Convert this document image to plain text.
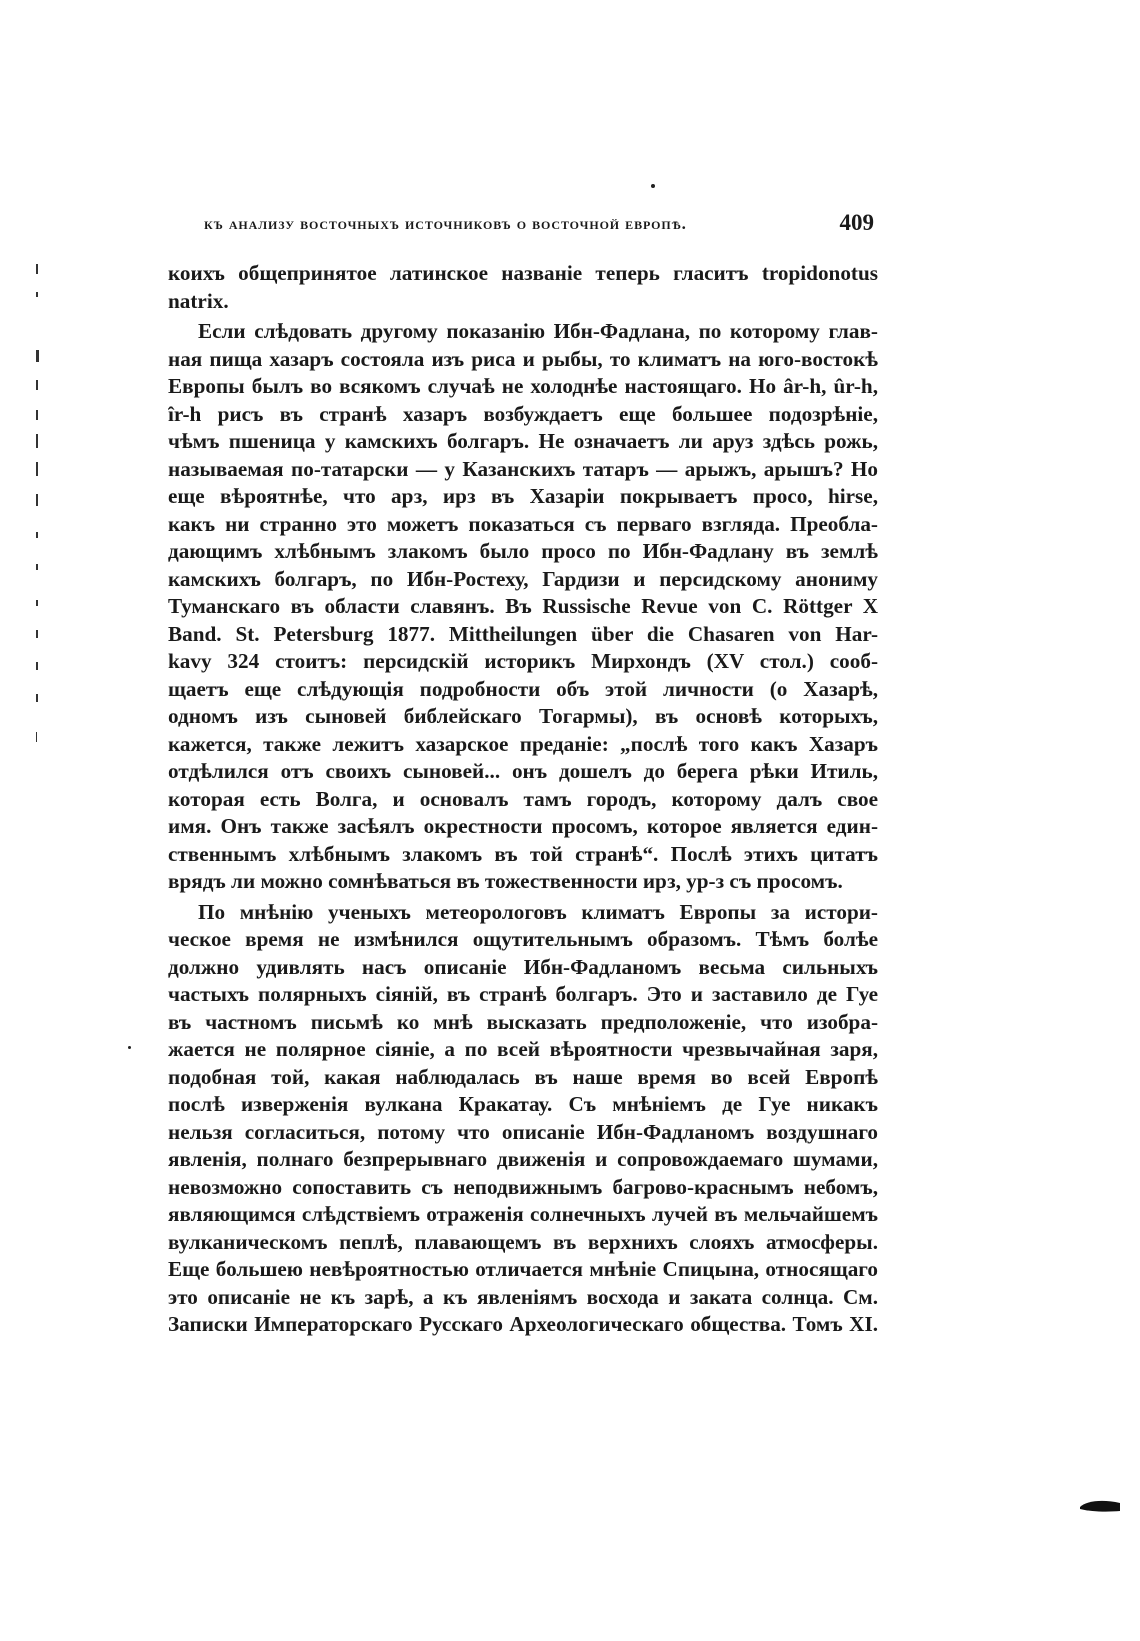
къ анализу восточныхъ источниковъ о восточной европѣ.	409
коихъ общепринятое латинское названіе теперь гласитъ tropidonotus
natrix.
Если слѣдовать другому показанію Ибн-Фадлана, по которому глав-
ная пища хазаръ состояла изъ риса и рыбы, то климатъ на юго-востокѣ
Европы былъ во всякомъ случаѣ не холоднѣе настоящаго. Но âr-h, ûr-h,
îr-h рисъ въ странѣ хазаръ возбуждаетъ еще большее подозрѣніе,
чѣмъ пшеница у камскихъ болгаръ. Не означаетъ ли аруз здѣсь рожь,
называемая по-татарски — у Казанскихъ татаръ — арыжъ, арышъ? Но
еще вѣроятнѣе, что арз, ирз въ Хазаріи покрываетъ просо, hirse,
какъ ни странно это можетъ показаться съ перваго взгляда. Преобла-
дающимъ хлѣбнымъ злакомъ было просо по Ибн-Фадлану въ землѣ
камскихъ болгаръ, по Ибн-Ростеху, Гардизи и персидскому анониму
Туманскаго въ области славянъ. Въ Russische Revue von C. Röttger X
Band. St. Petersburg 1877. Mittheilungen über die Chasaren von Har-
kavy 324 стоитъ: персидскій историкъ Мирхондъ (XV стол.) сооб-
щаетъ еще слѣдующія подробности объ этой личности (о Хазарѣ,
одномъ изъ сыновей библейскаго Тогармы), въ основѣ которыхъ,
кажется, также лежитъ хазарское преданіе: „послѣ того какъ Хазаръ
отдѣлился отъ своихъ сыновей... онъ дошелъ до берега рѣки Итиль,
которая есть Волга, и основалъ тамъ городъ, которому далъ свое
имя. Онъ также засѣялъ окрестности просомъ, которое является един-
ственнымъ хлѣбнымъ злакомъ въ той странѣ“. Послѣ этихъ цитатъ
врядъ ли можно сомнѣваться въ тожественности ирз, ур-з съ просомъ.
По мнѣнію ученыхъ метеорологовъ климатъ Европы за истори-
ческое время не измѣнился ощутительнымъ образомъ. Тѣмъ болѣе
должно удивлять насъ описаніе Ибн-Фадланомъ весьма сильныхъ
частыхъ полярныхъ сіяній, въ странѣ болгаръ. Это и заставило де Гуе
въ частномъ письмѣ ко мнѣ высказать предположеніе, что изобра-
жается не полярное сіяніе, а по всей вѣроятности чрезвычайная заря,
подобная той, какая наблюдалась въ наше время во всей Европѣ
послѣ изверженія вулкана Кракатау. Съ мнѣніемъ де Гуе никакъ
нельзя согласиться, потому что описаніе Ибн-Фадланомъ воздушнаго
явленія, полнаго безпрерывнаго движенія и сопровождаемаго шумами,
невозможно сопоставить съ неподвижнымъ багрово-краснымъ небомъ,
являющимся слѣдствіемъ отраженія солнечныхъ лучей въ мельчайшемъ
вулканическомъ пеплѣ, плавающемъ въ верхнихъ слояхъ атмосферы.
Еще большею невѣроятностью отличается мнѣніе Спицына, относящаго
это описаніе не къ зарѣ, а къ явленіямъ восхода и заката солнца. См.
Записки Императорскаго Русскаго Археологическаго общества. Томъ XI.
